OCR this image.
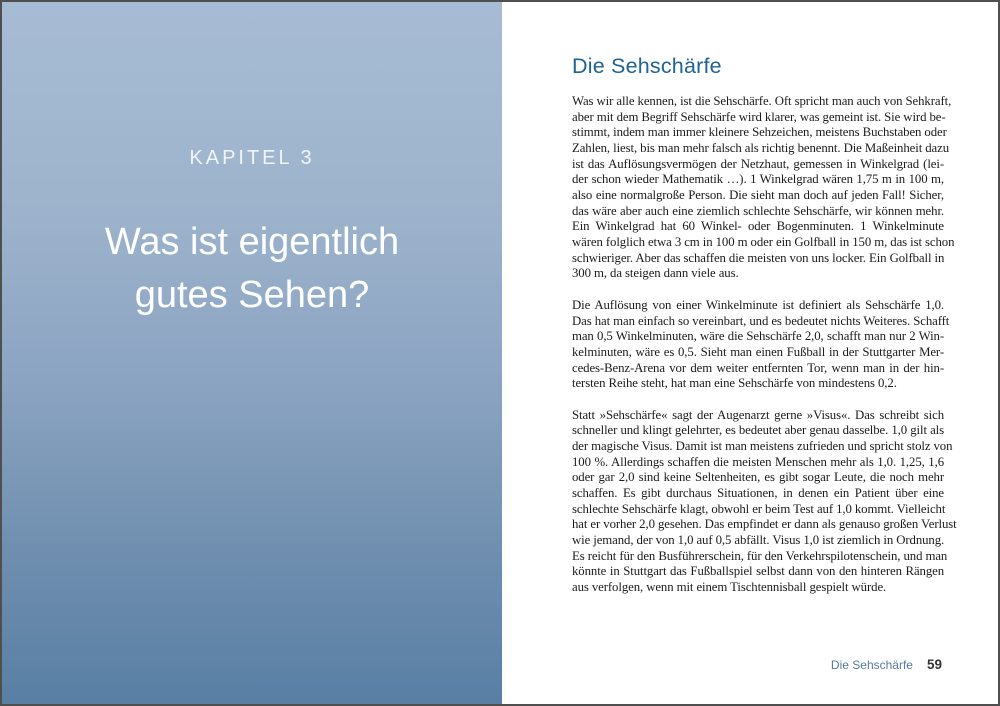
KAPITEL 3
Was ist eigentlich
gutes Sehen?
Die Sehschärfe
Was wir alle kennen, ist die Sehschärfe. Oft spricht man auch von Sehkraft,
aber mit dem Begriff Sehschärfe wird klarer, was gemeint ist. Sie wird be-
stimmt, indem man immer kleinere Sehzeichen, meistens Buchstaben oder
Zahlen, liest, bis man mehr falsch als richtig benennt. Die Maßeinheit dazu
ist das Auflösungsvermögen der Netzhaut, gemessen in Winkelgrad (lei-
der schon wieder Mathematik …). 1 Winkelgrad wären 1,75 m in 100 m,
also eine normalgroße Person. Die sieht man doch auf jeden Fall! Sicher,
das wäre aber auch eine ziemlich schlechte Sehschärfe, wir können mehr.
Ein Winkelgrad hat 60 Winkel- oder Bogenminuten. 1 Winkelminute
wären folglich etwa 3 cm in 100 m oder ein Golfball in 150 m, das ist schon
schwieriger. Aber das schaffen die meisten von uns locker. Ein Golfball in
300 m, da steigen dann viele aus.
Die Auflösung von einer Winkelminute ist definiert als Sehschärfe 1,0.
Das hat man einfach so vereinbart, und es bedeutet nichts Weiteres. Schafft
man 0,5 Winkelminuten, wäre die Sehschärfe 2,0, schafft man nur 2 Win-
kelminuten, wäre es 0,5. Sieht man einen Fußball in der Stuttgarter Mer-
cedes-Benz-Arena vor dem weiter entfernten Tor, wenn man in der hin-
tersten Reihe steht, hat man eine Sehschärfe von mindestens 0,2.
Statt »Sehschärfe« sagt der Augenarzt gerne »Visus«. Das schreibt sich
schneller und klingt gelehrter, es bedeutet aber genau dasselbe. 1,0 gilt als
der magische Visus. Damit ist man meistens zufrieden und spricht stolz von
100 %. Allerdings schaffen die meisten Menschen mehr als 1,0. 1,25, 1,6
oder gar 2,0 sind keine Seltenheiten, es gibt sogar Leute, die noch mehr
schaffen. Es gibt durchaus Situationen, in denen ein Patient über eine
schlechte Sehschärfe klagt, obwohl er beim Test auf 1,0 kommt. Vielleicht
hat er vorher 2,0 gesehen. Das empfindet er dann als genauso großen Verlust
wie jemand, der von 1,0 auf 0,5 abfällt. Visus 1,0 ist ziemlich in Ordnung.
Es reicht für den Busführerschein, für den Verkehrspilotenschein, und man
könnte in Stuttgart das Fußballspiel selbst dann von den hinteren Rängen
aus verfolgen, wenn mit einem Tischtennisball gespielt würde.
Die Sehschärfe 59
